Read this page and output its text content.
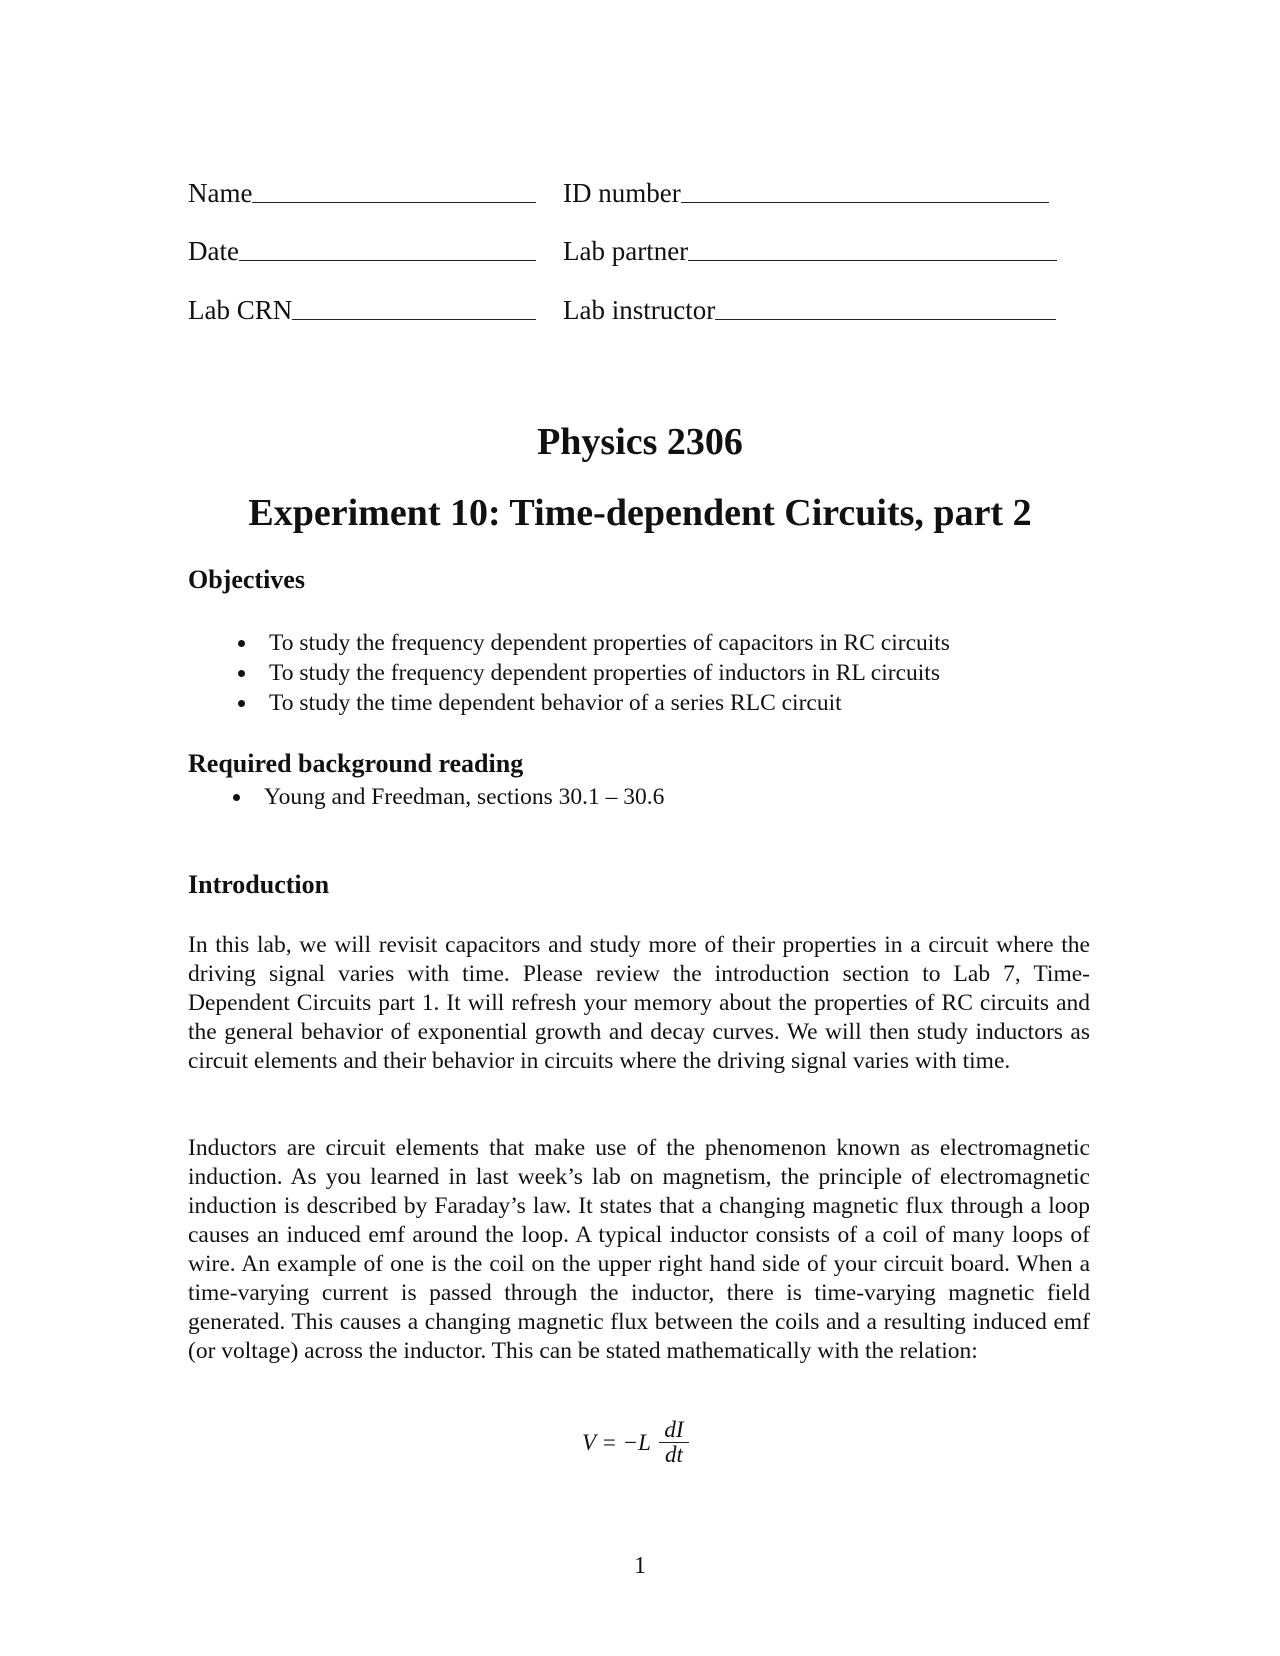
Name	ID number
Date	Lab partner
Lab CRN	Lab instructor
Physics 2306
Experiment 10: Time-dependent Circuits, part 2
Objectives
To study the frequency dependent properties of capacitors in RC circuits
To study the frequency dependent properties of inductors in RL circuits
To study the time dependent behavior of a series RLC circuit
Required background reading
Young and Freedman, sections 30.1 – 30.6
Introduction

In this lab, we will revisit capacitors and study more of their properties in a circuit where the driving signal varies with time. Please review the introduction section to Lab 7, Time-Dependent Circuits part 1. It will refresh your memory about the properties of RC circuits and the general behavior of exponential growth and decay curves. We will then study inductors as circuit elements and their behavior in circuits where the driving signal varies with time.

Inductors are circuit elements that make use of the phenomenon known as electromagnetic induction. As you learned in last week’s lab on magnetism, the principle of electromagnetic induction is described by Faraday’s law. It states that a changing magnetic flux through a loop causes an induced emf around the loop. A typical inductor consists of a coil of many loops of wire. An example of one is the coil on the upper right hand side of your circuit board. When a time-varying current is passed through the inductor, there is time-varying magnetic field generated. This causes a changing magnetic flux between the coils and a resulting induced emf (or voltage) across the inductor. This can be stated mathematically with the relation:

$V = -L \frac{dI}{dt}$
1
